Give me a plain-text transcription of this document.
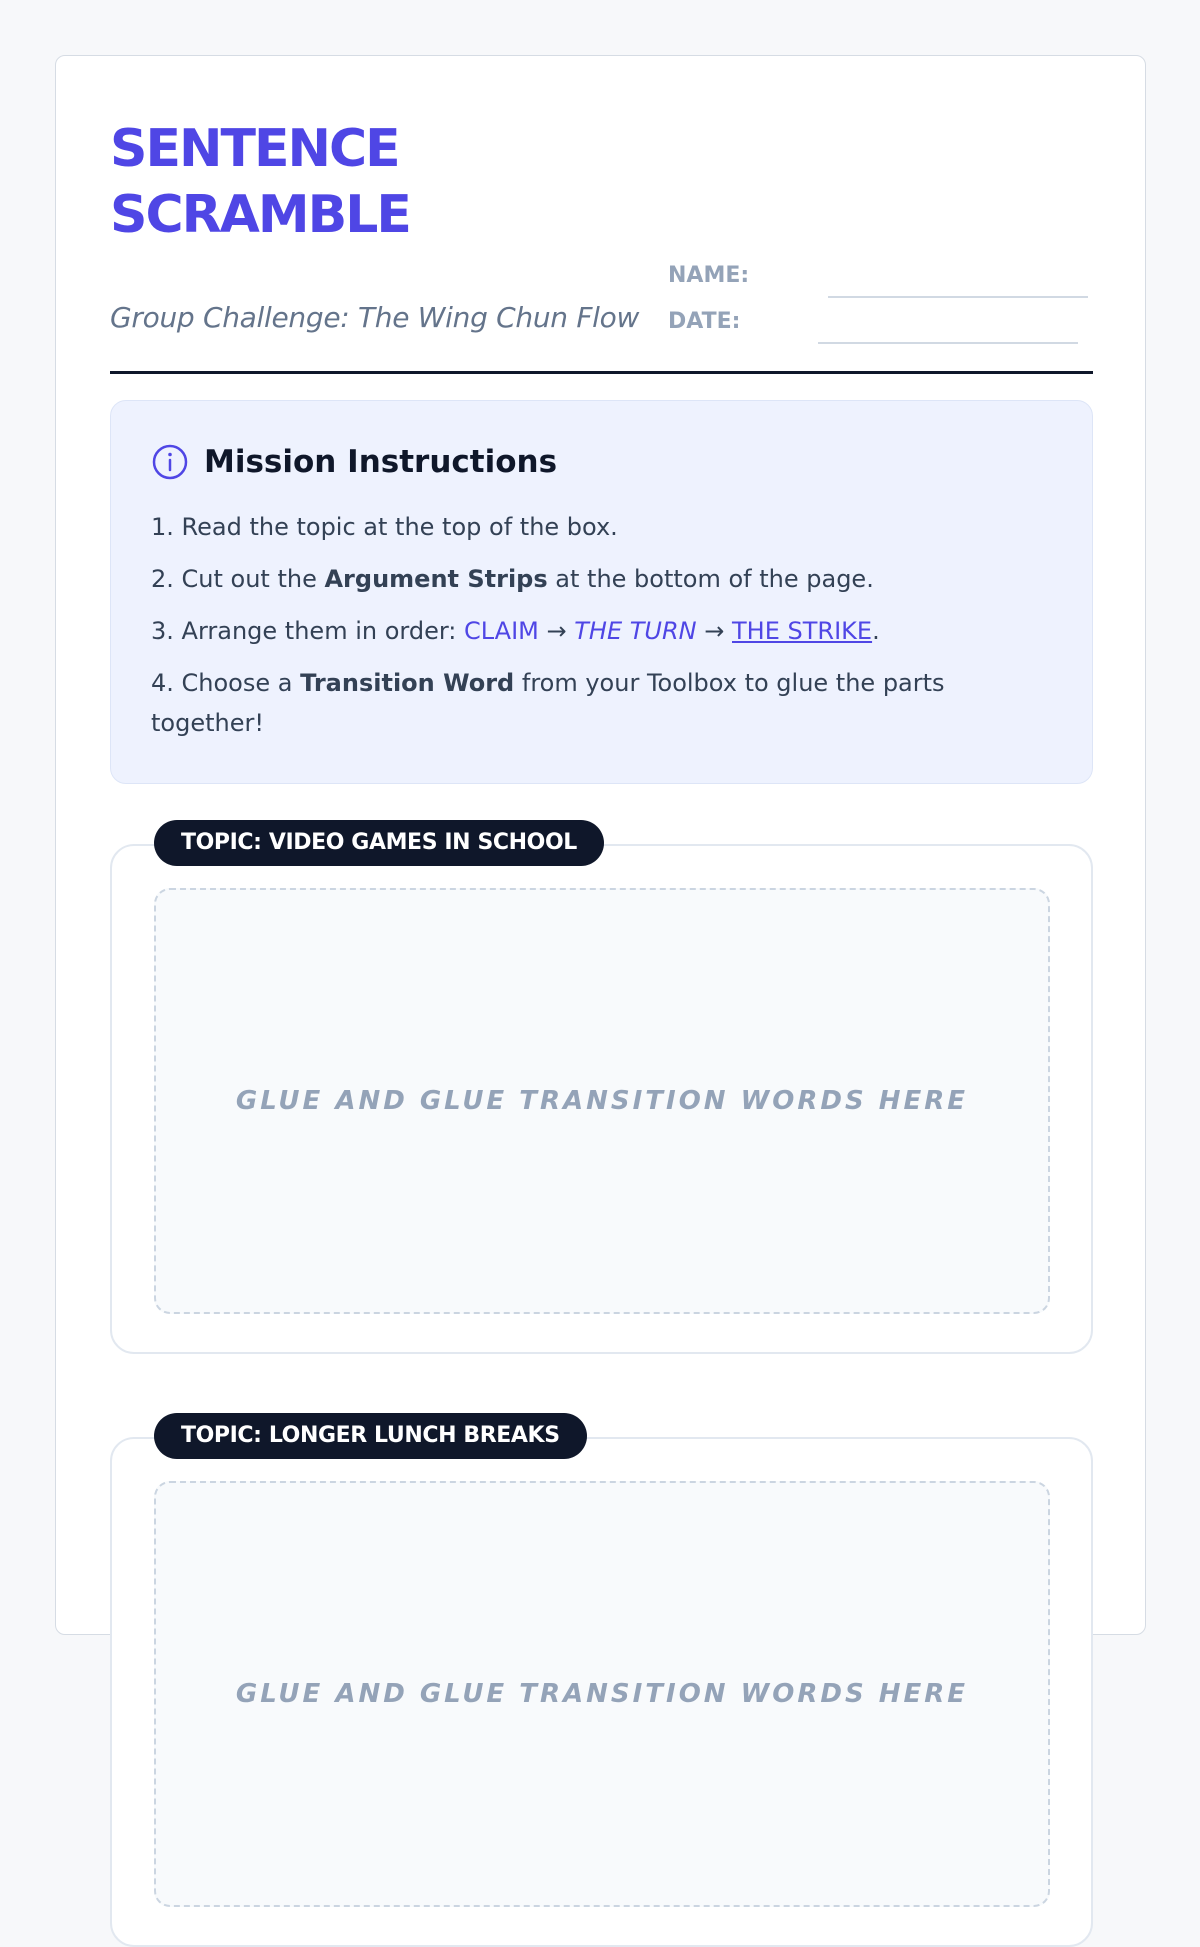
SENTENCE
SCRAMBLE
Group Challenge: The Wing Chun Flow
NAME:
DATE:
Mission Instructions
1. Read the topic at the top of the box.
2. Cut out the Argument Strips at the bottom of the page.
3. Arrange them in order: CLAIM → THE TURN → THE STRIKE.
4. Choose a Transition Word from your Toolbox to glue the parts together!
TOPIC: VIDEO GAMES IN SCHOOL
GLUE AND GLUE TRANSITION WORDS HERE
TOPIC: LONGER LUNCH BREAKS
GLUE AND GLUE TRANSITION WORDS HERE
